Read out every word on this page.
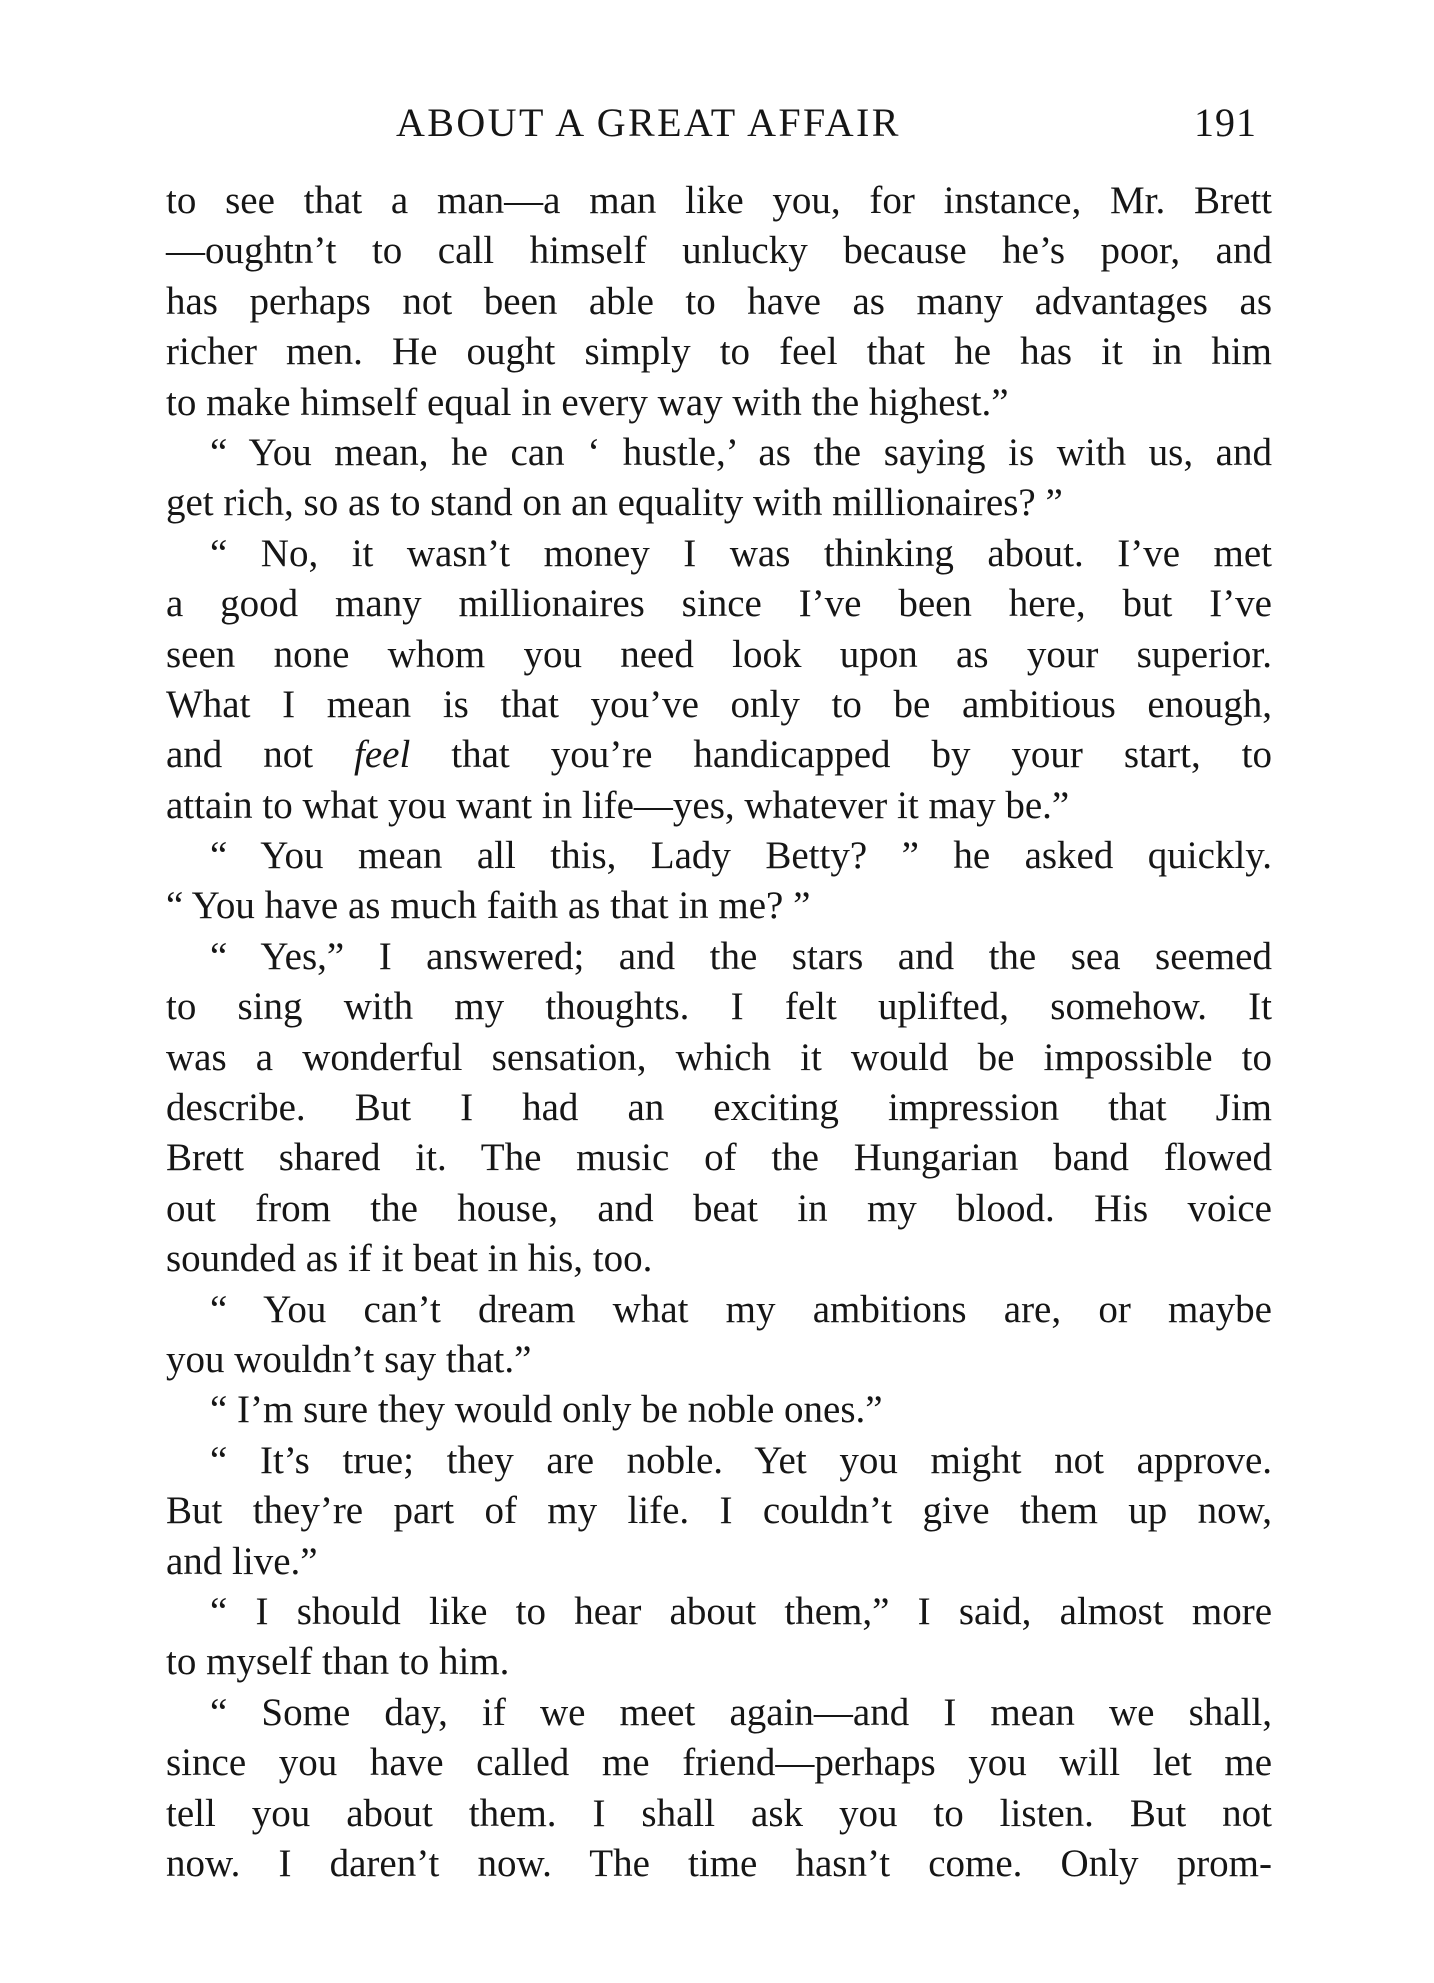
ABOUT A GREAT AFFAIR	191
to see that a man—a man like you, for instance, Mr. Brett
—oughtn’t to call himself unlucky because he’s poor, and
has perhaps not been able to have as many advantages as
richer men. He ought simply to feel that he has it in him
to make himself equal in every way with the highest.”
“ You mean, he can ‘ hustle,’ as the saying is with us, and
get rich, so as to stand on an equality with millionaires? ”
“ No, it wasn’t money I was thinking about. I’ve met
a good many millionaires since I’ve been here, but I’ve
seen none whom you need look upon as your superior.
What I mean is that you’ve only to be ambitious enough,
and not feel that you’re handicapped by your start, to
attain to what you want in life—yes, whatever it may be.”
“ You mean all this, Lady Betty? ” he asked quickly.
“ You have as much faith as that in me? ”
“ Yes,” I answered; and the stars and the sea seemed
to sing with my thoughts. I felt uplifted, somehow. It
was a wonderful sensation, which it would be impossible to
describe. But I had an exciting impression that Jim
Brett shared it. The music of the Hungarian band flowed
out from the house, and beat in my blood. His voice
sounded as if it beat in his, too.
“ You can’t dream what my ambitions are, or maybe
you wouldn’t say that.”
“ I’m sure they would only be noble ones.”
“ It’s true; they are noble. Yet you might not approve.
But they’re part of my life. I couldn’t give them up now,
and live.”
“ I should like to hear about them,” I said, almost more
to myself than to him.
“ Some day, if we meet again—and I mean we shall,
since you have called me friend—perhaps you will let me
tell you about them. I shall ask you to listen. But not
now. I daren’t now. The time hasn’t come. Only prom-
